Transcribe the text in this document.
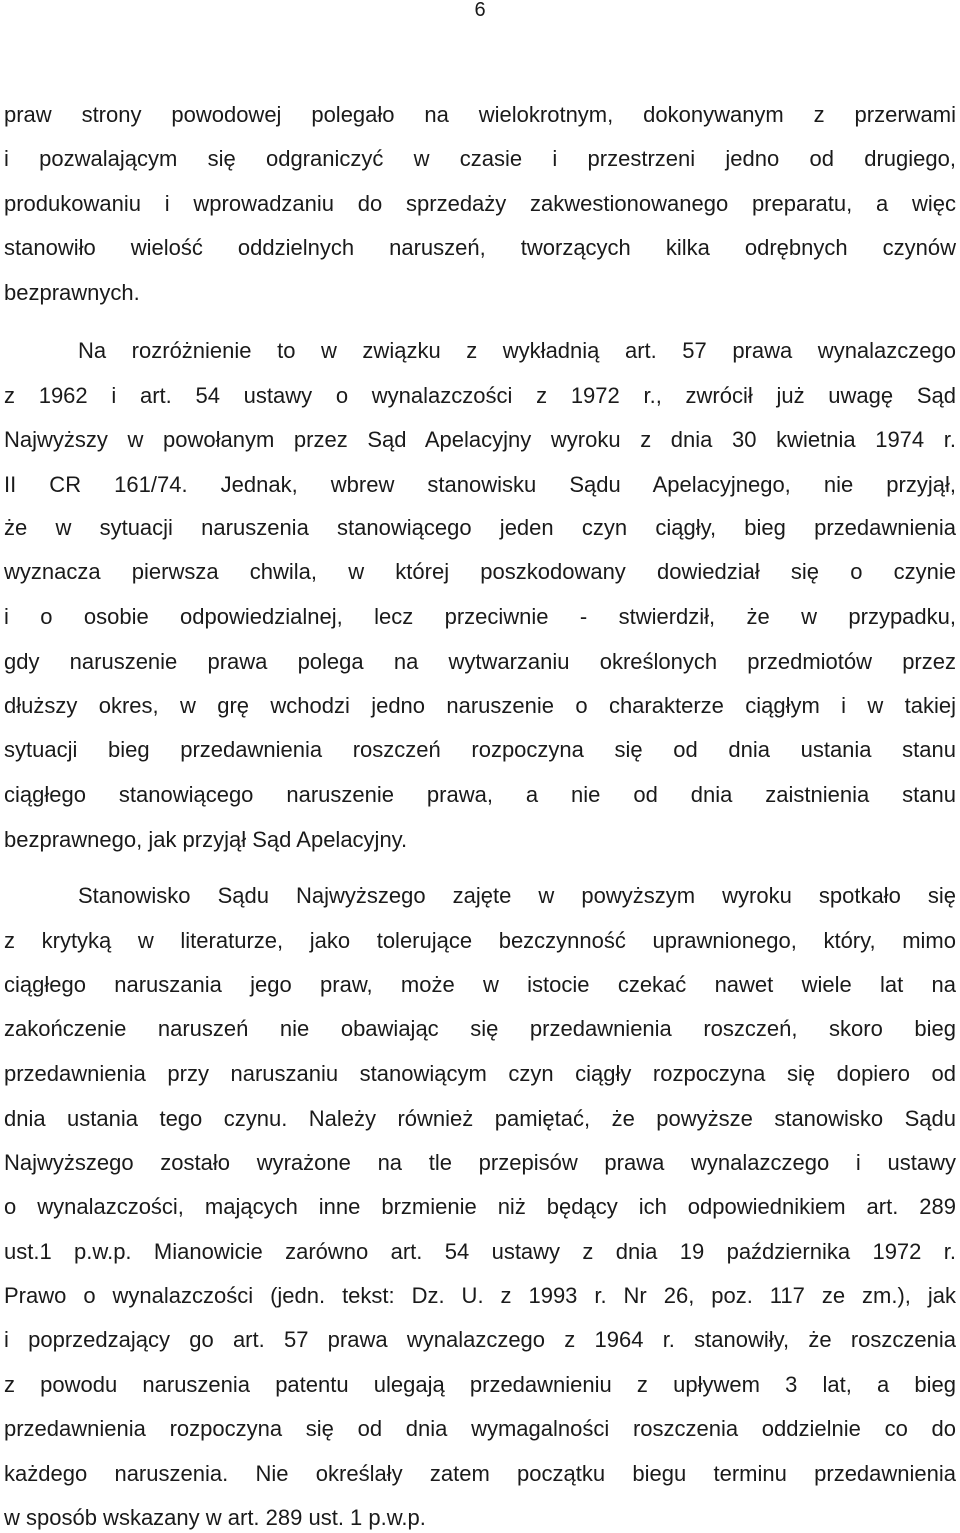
6
praw strony powodowej polegało na wielokrotnym, dokonywanym z przerwami
i pozwalającym się odgraniczyć w czasie i przestrzeni jedno od drugiego,
produkowaniu i wprowadzaniu do sprzedaży zakwestionowanego preparatu, a więc
stanowiło wielość oddzielnych naruszeń, tworzących kilka odrębnych czynów
bezprawnych.
Na rozróżnienie to w związku z wykładnią art. 57 prawa wynalazczego
z 1962 i art. 54 ustawy o wynalazczości z 1972 r., zwrócił już uwagę Sąd
Najwyższy w powołanym przez Sąd Apelacyjny wyroku z dnia 30 kwietnia 1974 r.
II CR 161/74. Jednak, wbrew stanowisku Sądu Apelacyjnego, nie przyjął,
że w sytuacji naruszenia stanowiącego jeden czyn ciągły, bieg przedawnienia
wyznacza pierwsza chwila, w której poszkodowany dowiedział się o czynie
i o osobie odpowiedzialnej, lecz przeciwnie - stwierdził, że w przypadku,
gdy naruszenie prawa polega na wytwarzaniu określonych przedmiotów przez
dłuższy okres, w grę wchodzi jedno naruszenie o charakterze ciągłym i w takiej
sytuacji bieg przedawnienia roszczeń rozpoczyna się od dnia ustania stanu
ciągłego stanowiącego naruszenie prawa, a nie od dnia zaistnienia stanu
bezprawnego, jak przyjął Sąd Apelacyjny.
Stanowisko Sądu Najwyższego zajęte w powyższym wyroku spotkało się
z krytyką w literaturze, jako tolerujące bezczynność uprawnionego, który, mimo
ciągłego naruszania jego praw, może w istocie czekać nawet wiele lat na
zakończenie naruszeń nie obawiając się przedawnienia roszczeń, skoro bieg
przedawnienia przy naruszaniu stanowiącym czyn ciągły rozpoczyna się dopiero od
dnia ustania tego czynu. Należy również pamiętać, że powyższe stanowisko Sądu
Najwyższego zostało wyrażone na tle przepisów prawa wynalazczego i ustawy
o wynalazczości, mających inne brzmienie niż będący ich odpowiednikiem art. 289
ust.1 p.w.p. Mianowicie zarówno art. 54 ustawy z dnia 19 października 1972 r.
Prawo o wynalazczości (jedn. tekst: Dz. U. z 1993 r. Nr 26, poz. 117 ze zm.), jak
i poprzedzający go art. 57 prawa wynalazczego z 1964 r. stanowiły, że roszczenia
z powodu naruszenia patentu ulegają przedawnieniu z upływem 3 lat, a bieg
przedawnienia rozpoczyna się od dnia wymagalności roszczenia oddzielnie co do
każdego naruszenia. Nie określały zatem początku biegu terminu przedawnienia
w sposób wskazany w art. 289 ust. 1 p.w.p.
